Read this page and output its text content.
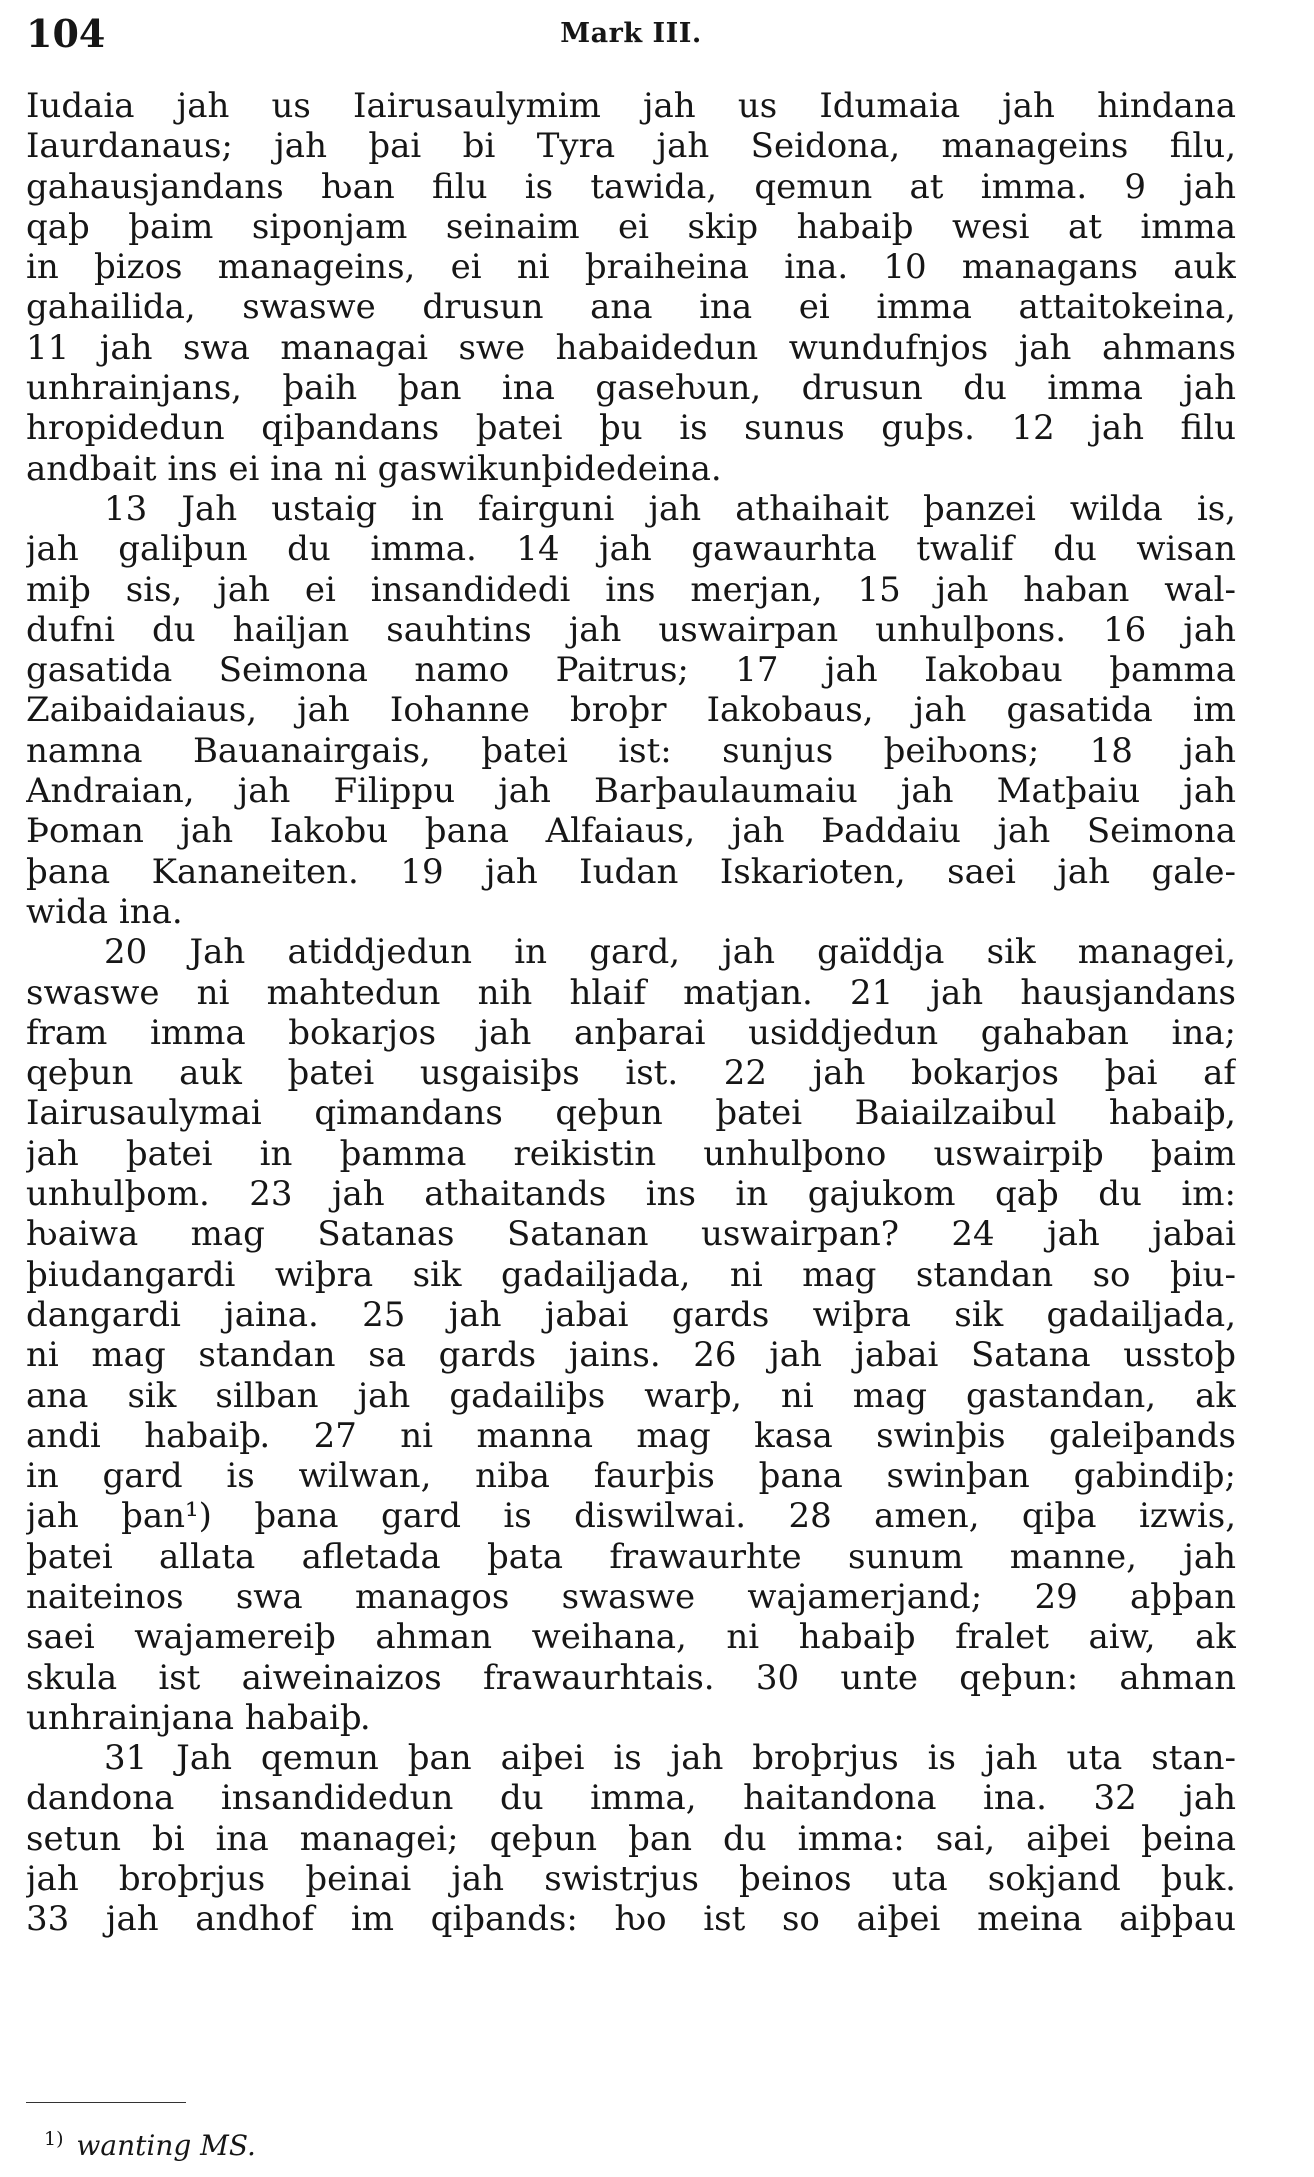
104	Mark III.
Iudaia jah us Iairusaulymim jah us Idumaia jah hindana
Iaurdanaus; jah þai bi Tyra jah Seidona, manageins filu,
gahausjandans ƕan filu is tawida, qemun at imma. 9 jah
qaþ þaim siponjam seinaim ei skip habaiþ wesi at imma
in þizos manageins, ei ni þraiheina ina. 10 managans auk
gahailida, swaswe drusun ana ina ei imma attaitokeina,
11 jah swa managai swe habaidedun wundufnjos jah ahmans
unhrainjans, þaih þan ina gaseƕun, drusun du imma jah
hropidedun qiþandans þatei þu is sunus guþs. 12 jah filu
andbait ins ei ina ni gaswikunþidedeina.
13 Jah ustaig in fairguni jah athaihait þanzei wilda is,
jah galiþun du imma. 14 jah gawaurhta twalif du wisan
miþ sis, jah ei insandidedi ins merjan, 15 jah haban wal-
dufni du hailjan sauhtins jah uswairpan unhulþons. 16 jah
gasatida Seimona namo Paitrus; 17 jah Iakobau þamma
Zaibaidaiaus, jah Iohanne broþr Iakobaus, jah gasatida im
namna Bauanairgais, þatei ist: sunjus þeiƕons; 18 jah
Andraian, jah Filippu jah Barþaulaumaiu jah Matþaiu jah
Þoman jah Iakobu þana Alfaiaus, jah Þaddaiu jah Seimona
þana Kananeiten. 19 jah Iudan Iskarioten, saei jah gale-
wida ina.
20 Jah atiddjedun in gard, jah gaïddja sik managei,
swaswe ni mahtedun nih hlaif matjan. 21 jah hausjandans
fram imma bokarjos jah anþarai usiddjedun gahaban ina;
qeþun auk þatei usgaisiþs ist. 22 jah bokarjos þai af
Iairusaulymai qimandans qeþun þatei Baiailzaibul habaiþ,
jah þatei in þamma reikistin unhulþono uswairpiþ þaim
unhulþom. 23 jah athaitands ins in gajukom qaþ du im:
ƕaiwa mag Satanas Satanan uswairpan? 24 jah jabai
þiudangardi wiþra sik gadailjada, ni mag standan so þiu-
dangardi jaina. 25 jah jabai gards wiþra sik gadailjada,
ni mag standan sa gards jains. 26 jah jabai Satana usstoþ
ana sik silban jah gadailiþs warþ, ni mag gastandan, ak
andi habaiþ. 27 ni manna mag kasa swinþis galeiþands
in gard is wilwan, niba faurþis þana swinþan gabindiþ;
jah þan¹) þana gard is diswilwai. 28 amen, qiþa izwis,
þatei allata afletada þata frawaurhte sunum manne, jah
naiteinos swa managos swaswe wajamerjand; 29 aþþan
saei wajamereiþ ahman weihana, ni habaiþ fralet aiw, ak
skula ist aiweinaizos frawaurhtais. 30 unte qeþun: ahman
unhrainjana habaiþ.
31 Jah qemun þan aiþei is jah broþrjus is jah uta stan-
dandona insandidedun du imma, haitandona ina. 32 jah
setun bi ina managei; qeþun þan du imma: sai, aiþei þeina
jah broþrjus þeinai jah swistrjus þeinos uta sokjand þuk.
33 jah andhof im qiþands: ƕo ist so aiþei meina aiþþau
$^{1)}$ wanting MS.
